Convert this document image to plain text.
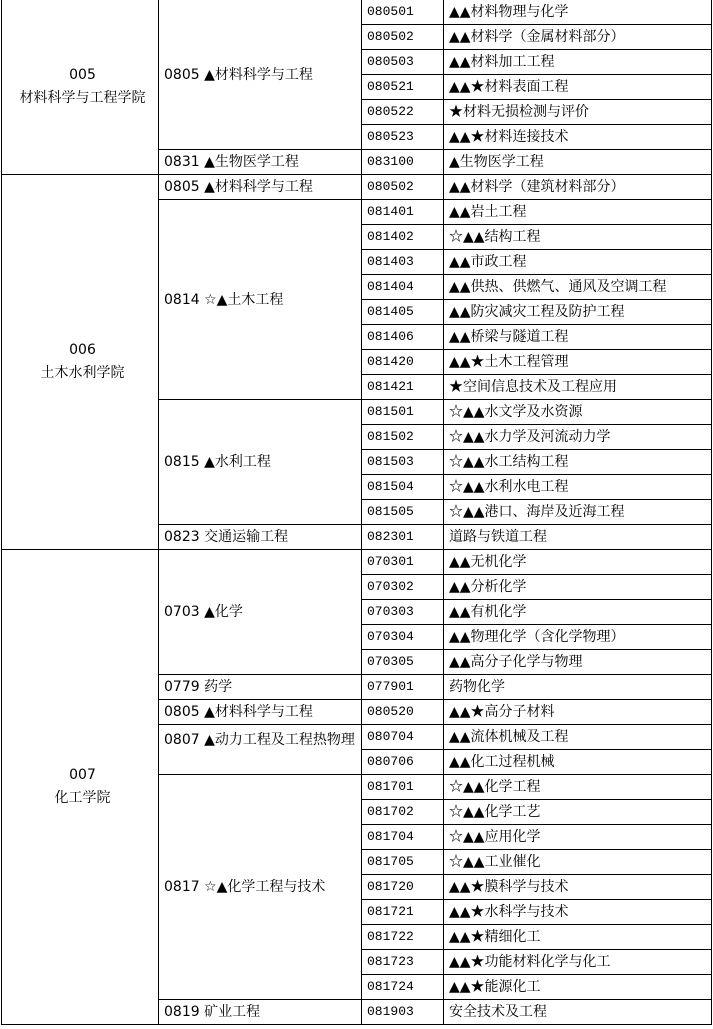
005
材料科学与工程学院	0805 ▲材料科学与工程	080501	▲▲材料物理与化学
		080502	▲▲材料学（金属材料部分）
		080503	▲▲材料加工工程
		080521	▲▲★材料表面工程
		080522	★材料无损检测与评价
		080523	▲▲★材料连接技术
	0831 ▲生物医学工程	083100	▲生物医学工程

006
土木水利学院	0805 ▲材料科学与工程	080502	▲▲材料学（建筑材料部分）
	0814 ☆▲土木工程	081401	▲▲岩土工程
		081402	☆▲▲结构工程
		081403	▲▲市政工程
		081404	▲▲供热、供燃气、通风及空调工程
		081405	▲▲防灾减灾工程及防护工程
		081406	▲▲桥梁与隧道工程
		081420	▲▲★土木工程管理
		081421	★空间信息技术及工程应用
	0815 ▲水利工程	081501	☆▲▲水文学及水资源
		081502	☆▲▲水力学及河流动力学
		081503	☆▲▲水工结构工程
		081504	☆▲▲水利水电工程
		081505	☆▲▲港口、海岸及近海工程
	0823 交通运输工程	082301	道路与铁道工程

007
化工学院	0703 ▲化学	070301	▲▲无机化学
		070302	▲▲分析化学
		070303	▲▲有机化学
		070304	▲▲物理化学（含化学物理）
		070305	▲▲高分子化学与物理
	0779 药学	077901	药物化学
	0805 ▲材料科学与工程	080520	▲▲★高分子材料
	0807 ▲动力工程及工程热物理	080704	▲▲流体机械及工程
		080706	▲▲化工过程机械
	0817 ☆▲化学工程与技术	081701	☆▲▲化学工程
		081702	☆▲▲化学工艺
		081704	☆▲▲应用化学
		081705	☆▲▲工业催化
		081720	▲▲★膜科学与技术
		081721	▲▲★水科学与技术
		081722	▲▲★精细化工
		081723	▲▲★功能材料化学与化工
		081724	▲▲★能源化工
	0819 矿业工程	081903	安全技术及工程
